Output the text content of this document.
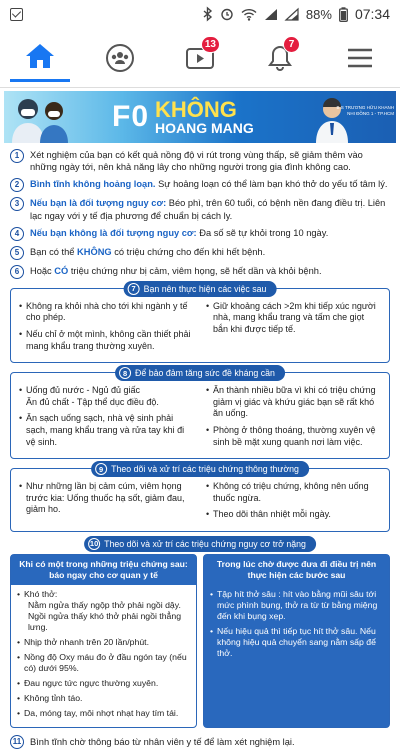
88% 07:34
13	7
F0 KHÔNG
HOANG MANG
B.S TRƯƠNG HỮU KHANH
NHI ĐỒNG 1 - TP.HCM
1	Xét nghiệm của bạn có kết quả nồng độ vi rút trong vùng thấp, sẽ giảm thêm vào những ngày tới, nên khả năng lây cho những người trong gia đình không cao.
2	Bình tĩnh không hoảng loạn. Sự hoảng loạn có thể làm bạn khó thở do yếu tố tâm lý.
3	Nếu bạn là đối tượng nguy cơ: Béo phì, trên 60 tuổi, có bệnh nền đang điều trị. Liên lạc ngay với y tế địa phương để chuẩn bị cách ly.
4	Nếu bạn không là đối tượng nguy cơ: Đa số sẽ tự khỏi trong 10 ngày.
5	Bạn có thể KHÔNG có triệu chứng cho đến khi hết bệnh.
6	Hoặc CÓ triệu chứng như bị cảm, viêm họng, sẽ hết dần và khỏi bệnh.
7 Bạn nên thực hiện các việc sau
• Không ra khỏi nhà cho tới khi ngành y tế cho phép.
• Nếu chỉ ở một mình, không cần thiết phải mang khẩu trang thường xuyên.
• Giữ khoảng cách >2m khi tiếp xúc người nhà, mang khẩu trang và tấm che giọt bắn khi được tiếp tế.
8 Để bảo đảm tăng sức đề kháng cần
• Uống đủ nước - Ngủ đủ giấc
Ăn đủ chất - Tập thể dục điều độ.
• Ăn sạch uống sạch, nhà vệ sinh phải sạch, mang khẩu trang và rửa tay khi đi vệ sinh.
• Ăn thành nhiều bữa vì khi có triệu chứng giảm vị giác và khứu giác bạn sẽ rất khó ăn uống.
• Phòng ở thông thoáng, thường xuyên vệ sinh bề mặt xung quanh nơi làm việc.
9 Theo dõi và xử trí các triệu chứng thông thường
• Như những lần bị cảm cúm, viêm họng trước kia: Uống thuốc hạ sốt, giảm đau, giảm ho.
• Không có triệu chứng, không nên uống thuốc ngừa.
• Theo dõi thân nhiệt mỗi ngày.
10 Theo dõi và xử trí các triệu chứng nguy cơ trở nặng
Khi có một trong những triệu chứng sau: báo ngay cho cơ quan y tế
• Khó thở:
Nằm ngửa thấy ngộp thở phải ngồi dậy.
Ngồi ngửa thấy khó thở phải ngồi thẳng lưng.
• Nhịp thở nhanh trên 20 lần/phút.
• Nồng độ Oxy máu đo ở đầu ngón tay (nếu có) dưới 95%.
• Đau ngực tức ngực thường xuyên.
• Không tỉnh táo.
• Da, móng tay, môi nhợt nhạt hay tím tái.
Trong lúc chờ được đưa đi điều trị nên thực hiện các bước sau
• Tập hít thở sâu : hít vào bằng mũi sâu tới mức phình bụng, thở ra từ từ bằng miệng đến khi bụng xẹp.
• Nếu hiệu quả thì tiếp tục hít thở sâu. Nếu không hiệu quả chuyển sang nằm sấp để thở.
11 Bình tĩnh chờ thông báo từ nhân viên y tế để làm xét nghiệm lại.
